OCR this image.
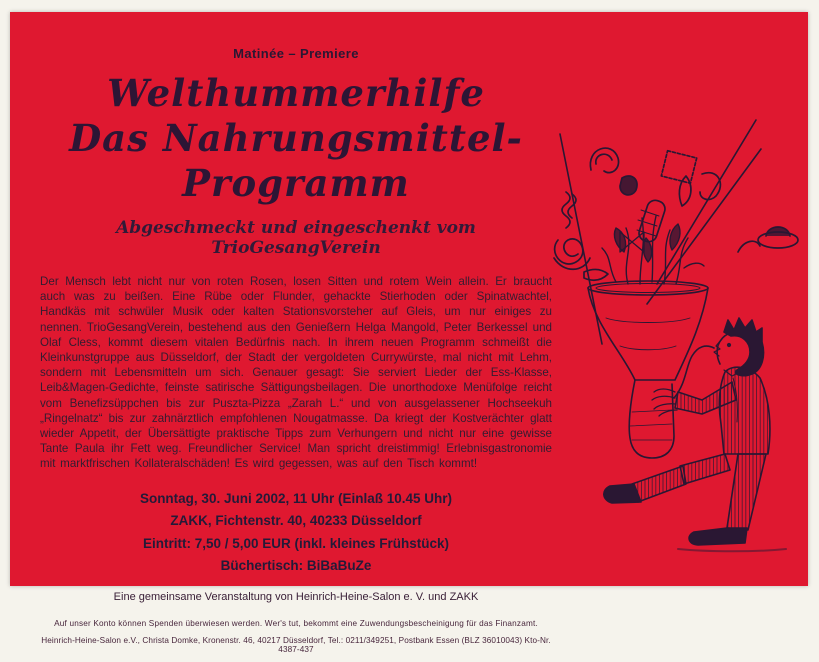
Matinée – Premiere

Welthummerhilfe
Das Nahrungsmittel-Programm

Abgeschmeckt und eingeschenkt vom TrioGesangVerein

Der Mensch lebt nicht nur von roten Rosen, losen Sitten und rotem Wein allein. Er braucht auch was zu beißen. Eine Rübe oder Flunder, gehackte Stierhoden oder Spinatwachtel, Handkäs mit schwüler Musik oder kalten Stationsvorsteher auf Gleis, um nur einiges zu nennen. TrioGesangVerein, bestehend aus den Genießern Helga Mangold, Peter Berkessel und Olaf Cless, kommt diesem vitalen Bedürfnis nach. In ihrem neuen Programm schmeißt die Kleinkunstgruppe aus Düsseldorf, der Stadt der vergoldeten Currywürste, mal nicht mit Lehm, sondern mit Lebensmitteln um sich. Genauer gesagt: Sie serviert Lieder der Ess-Klasse, Leib&Magen-Gedichte, feinste satirische Sättigungsbeilagen. Die unorthodoxe Menüfolge reicht vom Benefizsüppchen bis zur Puszta-Pizza „Zarah L.“ und von ausgelassener Hochseekuh „Ringelnatz“ bis zur zahnärztlich empfohlenen Nougatmasse. Da kriegt der Kostverächter glatt wieder Appetit, der Übersättigte praktische Tipps zum Verhungern und nicht nur eine gewisse Tante Paula ihr Fett weg. Freundlicher Service! Man spricht dreistimmig! Erlebnisgastronomie mit marktfrischen Kollateralschäden! Es wird gegessen, was auf den Tisch kommt!

Sonntag, 30. Juni 2002, 11 Uhr (Einlaß 10.45 Uhr)
ZAKK, Fichtenstr. 40, 40233 Düsseldorf
Eintritt: 7,50 / 5,00 EUR (inkl. kleines Frühstück)
Büchertisch: BiBaBuZe

Eine gemeinsame Veranstaltung von Heinrich-Heine-Salon e. V. und ZAKK

Auf unser Konto können Spenden überwiesen werden. Wer's tut, bekommt eine Zuwendungsbescheinigung für das Finanzamt.

Heinrich-Heine-Salon e.V., Christa Domke, Kronenstr. 46, 40217 Düsseldorf, Tel.: 0211/349251, Postbank Essen (BLZ 36010043) Kto-Nr. 4387-437
